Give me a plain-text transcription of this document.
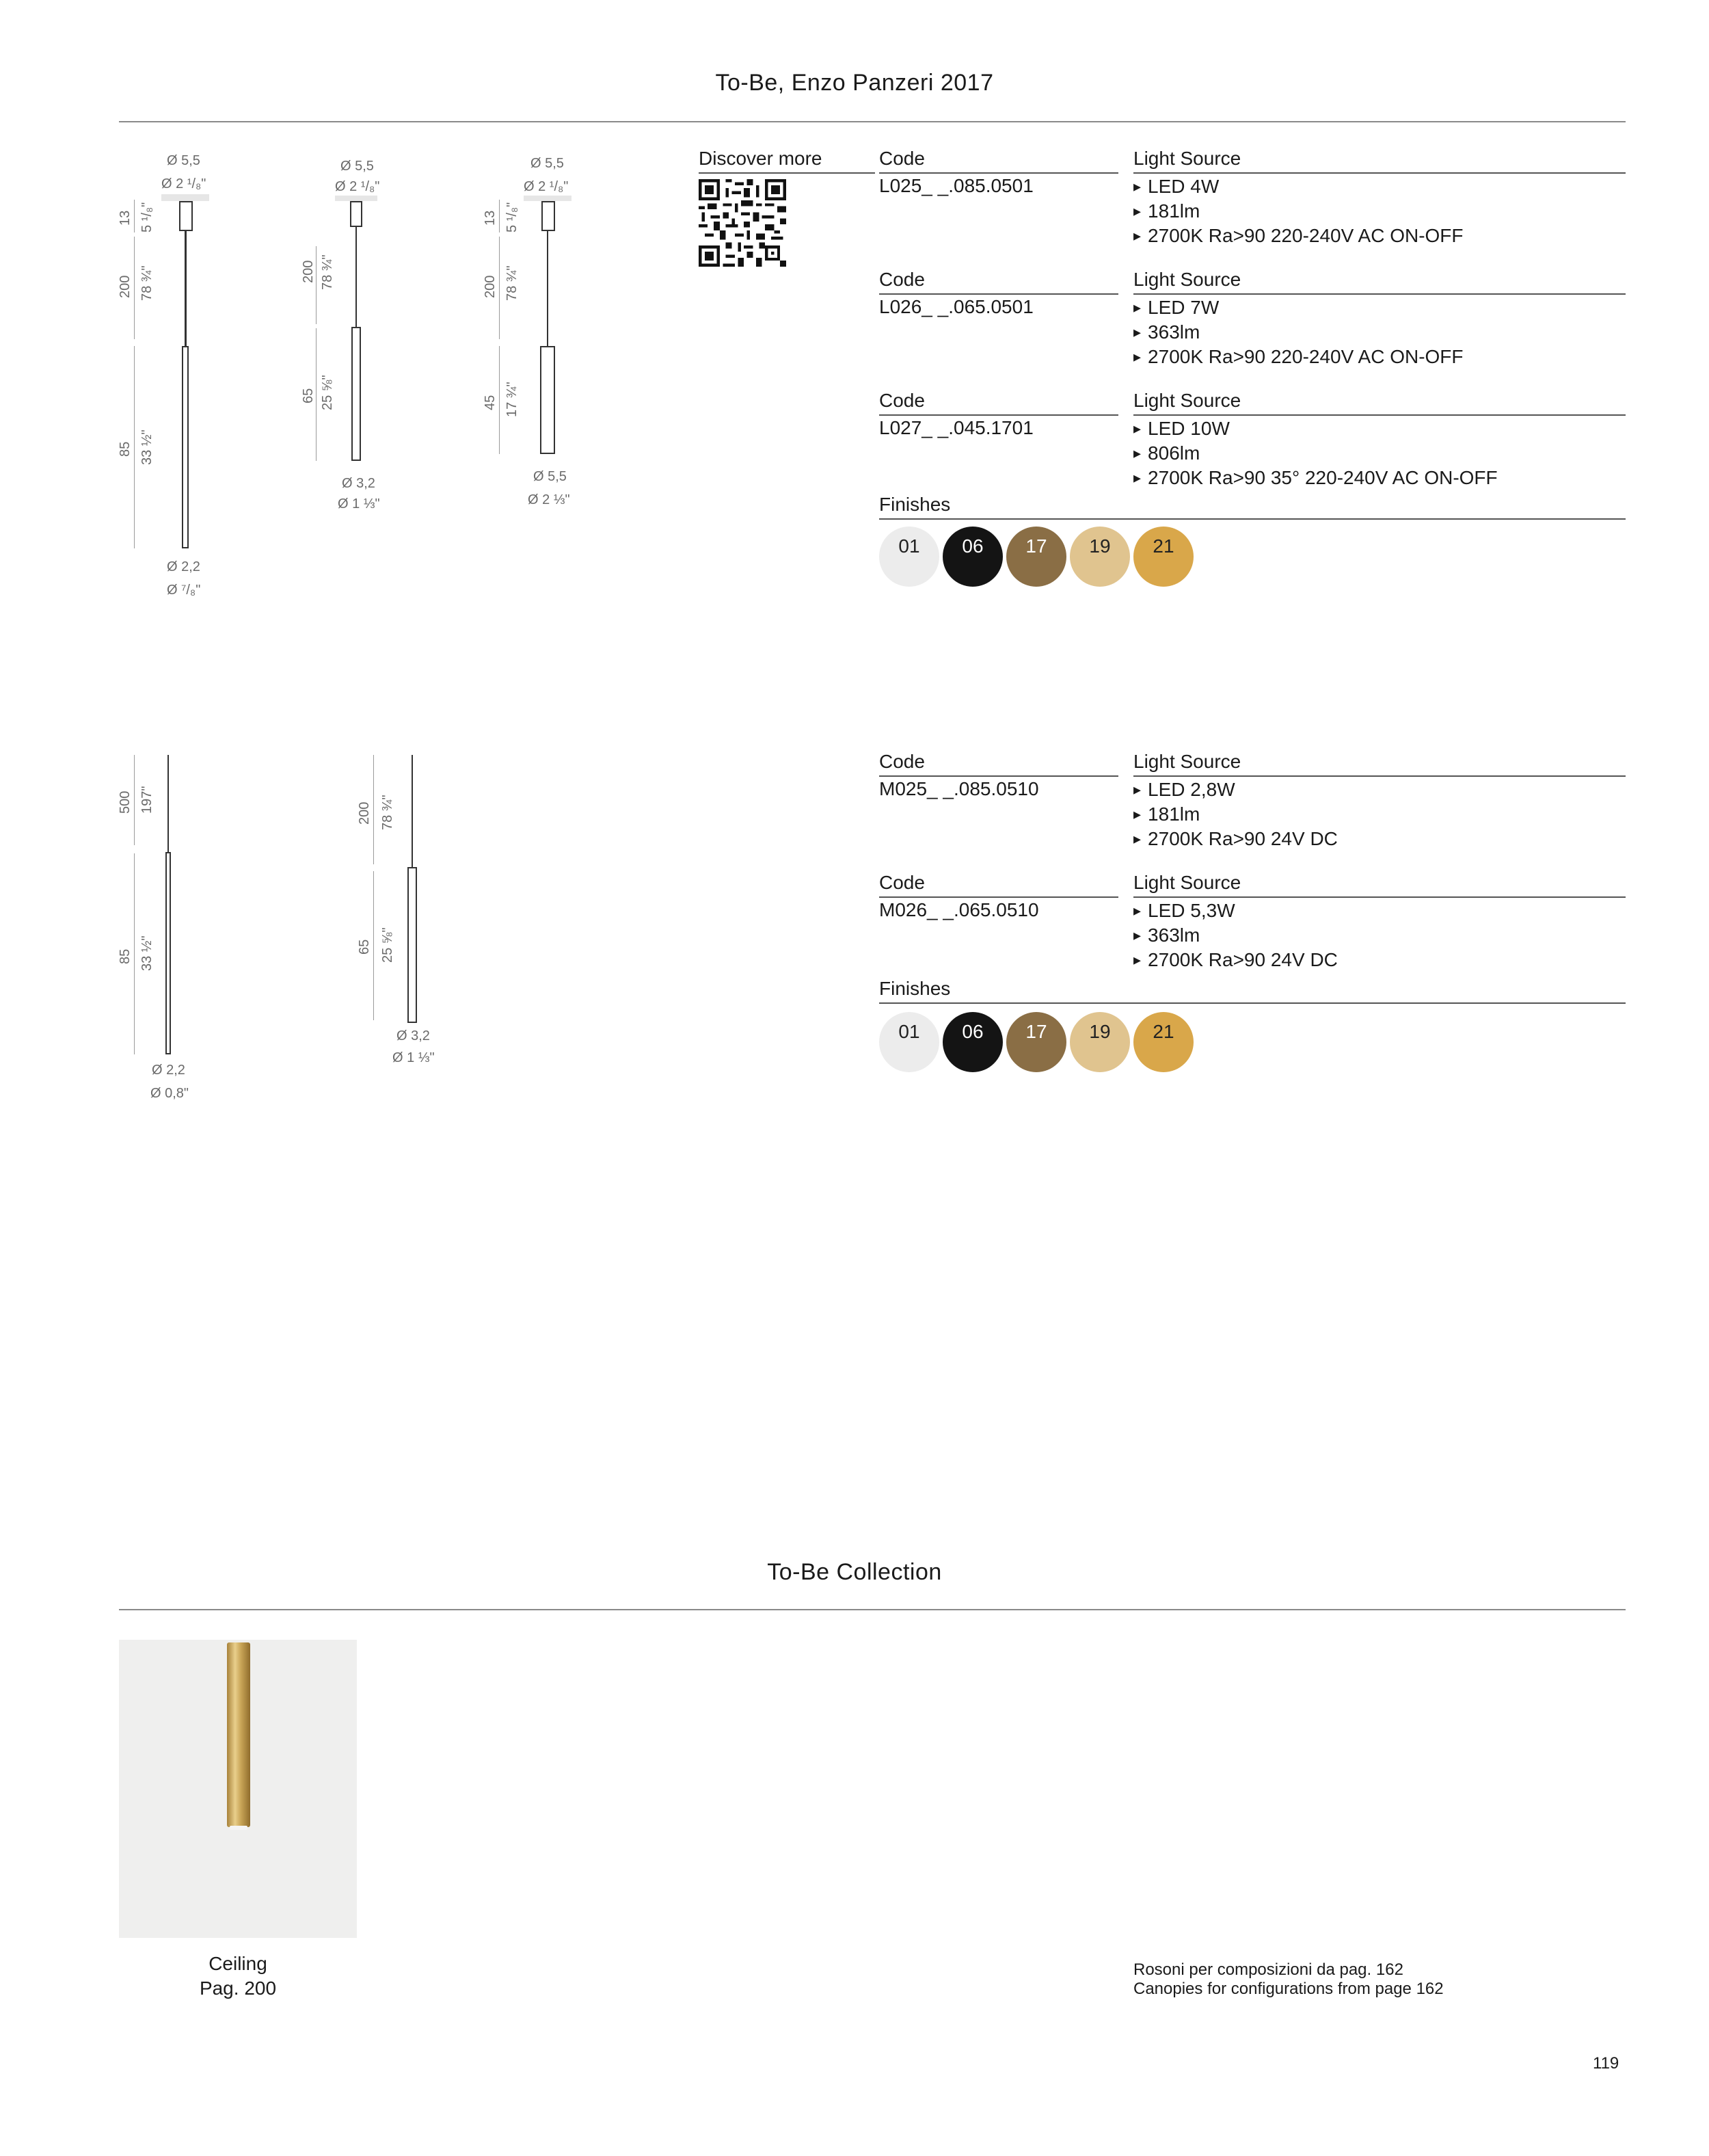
To-Be, Enzo Panzeri 2017
Ø 5,5
Ø 2 ¹/₈"
13 5 ¹/₈"
200 78 ¾"
85 33 ½"
Ø 2,2
Ø ⁷/₈"
Ø 5,5
Ø 2 ¹/₈"
200 78 ¾"
65 25 ⅝"
Ø 3,2
Ø 1 ⅓"
Ø 5,5
Ø 2 ¹/₈"
13 5 ¹/₈"
200 78 ¾"
45 17 ¾"
Ø 5,5
Ø 2 ⅓"
Discover more	Code
L025_ _.085.0501
Light Source
▸ LED 4W
▸ 181lm
▸ 2700K Ra>90 220-240V AC ON-OFF
Code
L026_ _.065.0501
Light Source
▸ LED 7W
▸ 363lm
▸ 2700K Ra>90 220-240V AC ON-OFF
Code
L027_ _.045.1701
Light Source
▸ LED 10W
▸ 806lm
▸ 2700K Ra>90 35° 220-240V AC ON-OFF
Finishes
01	06	17	19	21
500 197"
85 33 ½"
Ø 2,2
Ø 0,8"
200 78 ¾"
65 25 ⅝"
Ø 3,2
Ø 1 ⅓"
Code
M025_ _.085.0510
Light Source
▸ LED 2,8W
▸ 181lm
▸ 2700K Ra>90 24V DC
Code
M026_ _.065.0510
Light Source
▸ LED 5,3W
▸ 363lm
▸ 2700K Ra>90 24V DC
Finishes
01	06	17	19	21
To-Be Collection
Ceiling
Pag. 200
Rosoni per composizioni da pag. 162
Canopies for configurations from page 162
119
